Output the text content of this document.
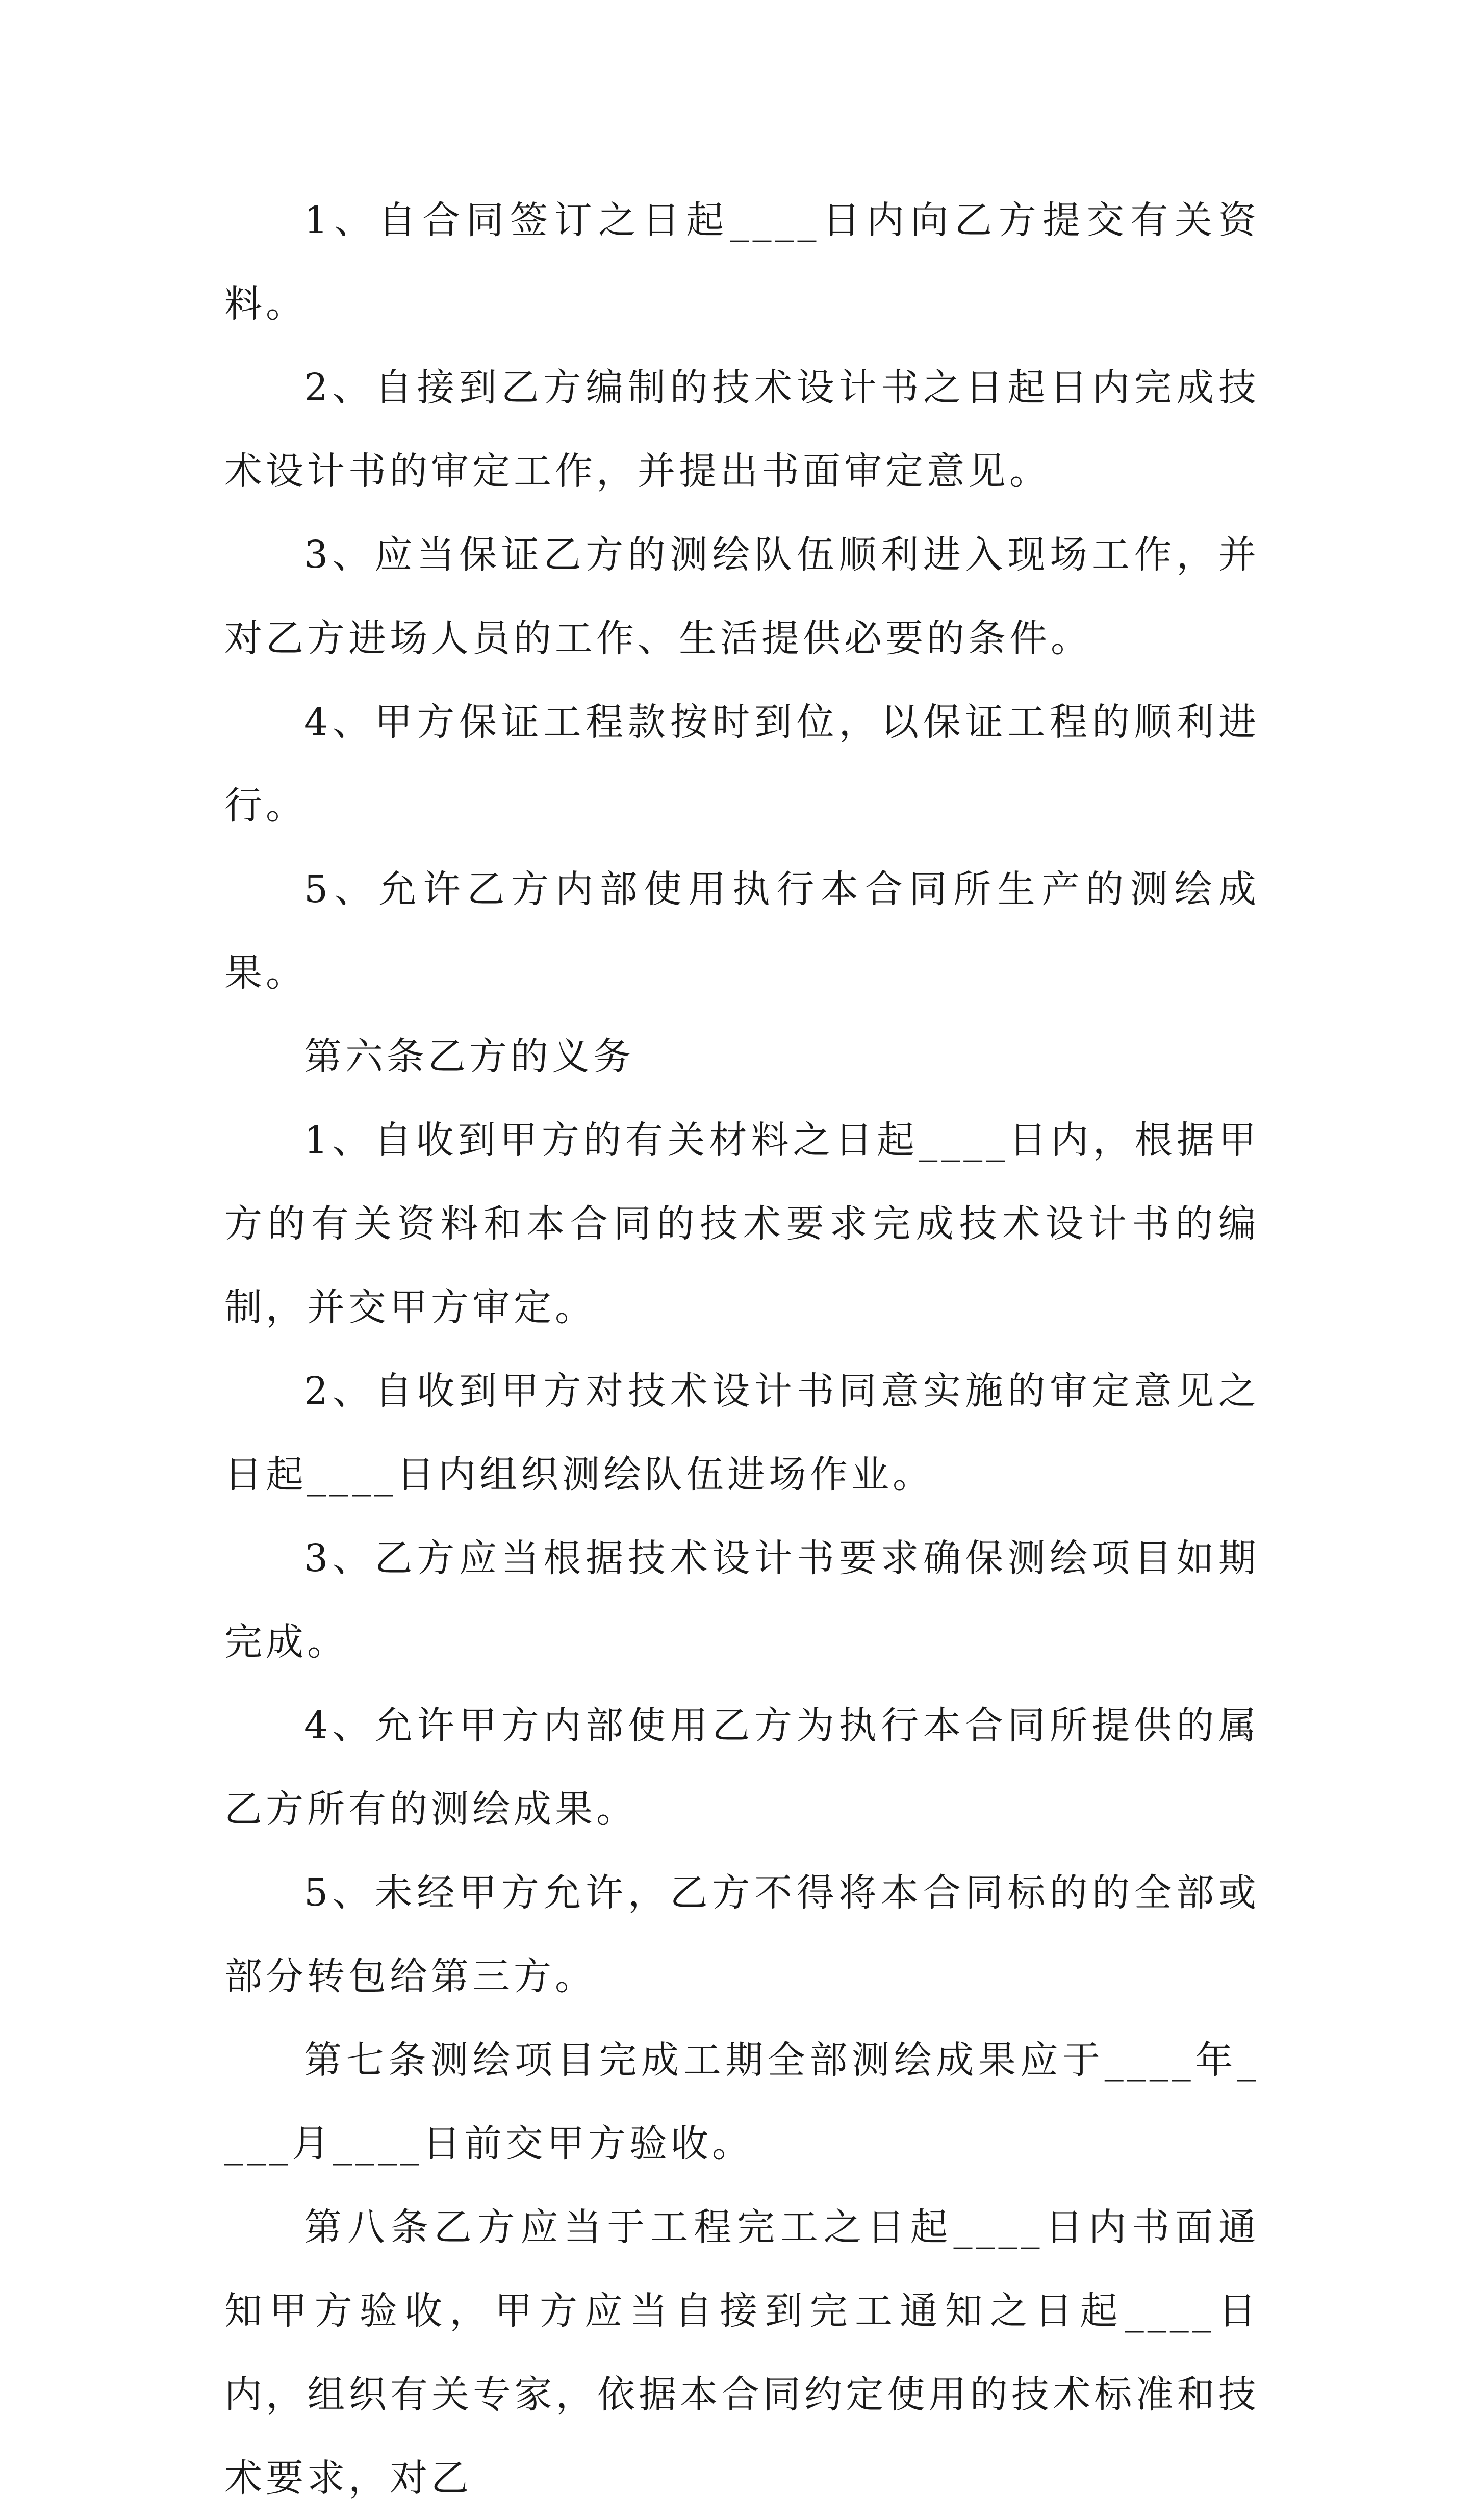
1、自合同签订之日起____日内向乙方提交有关资料。

2、自接到乙方编制的技术设计书之日起日内完成技术设计书的审定工作，并提出书面审定意见。

3、应当保证乙方的测绘队伍顺利进入现场工作，并对乙方进场人员的工作、生活提供必要的条件。

4、甲方保证工程款按时到位，以保证工程的顺利进行。

5、允许乙方内部使用执行本合同所生产的测绘成果。

第六条乙方的义务

1、自收到甲方的有关材料之日起____日内，根据甲方的有关资料和本合同的技术要求完成技术设计书的编制，并交甲方审定。

2、自收到甲方对技术设计书同意实施的审定意见之日起____日内组织测绘队伍进场作业。

3、乙方应当根据技术设计书要求确保测绘项目如期完成。

4、允许甲方内部使用乙方为执行本合同所提供的属乙方所有的测绘成果。

5、未经甲方允许，乙方不得将本合同标的的全部或部分转包给第三方。

第七条测绘项目完成工期全部测绘成果应于____年____月____日前交甲方验收。

第八条乙方应当于工程完工之日起____日内书面通知甲方验收，甲方应当自接到完工通知之日起____日内，组织有关专家，依据本合同约定使用的技术标准和技术要求，对乙
